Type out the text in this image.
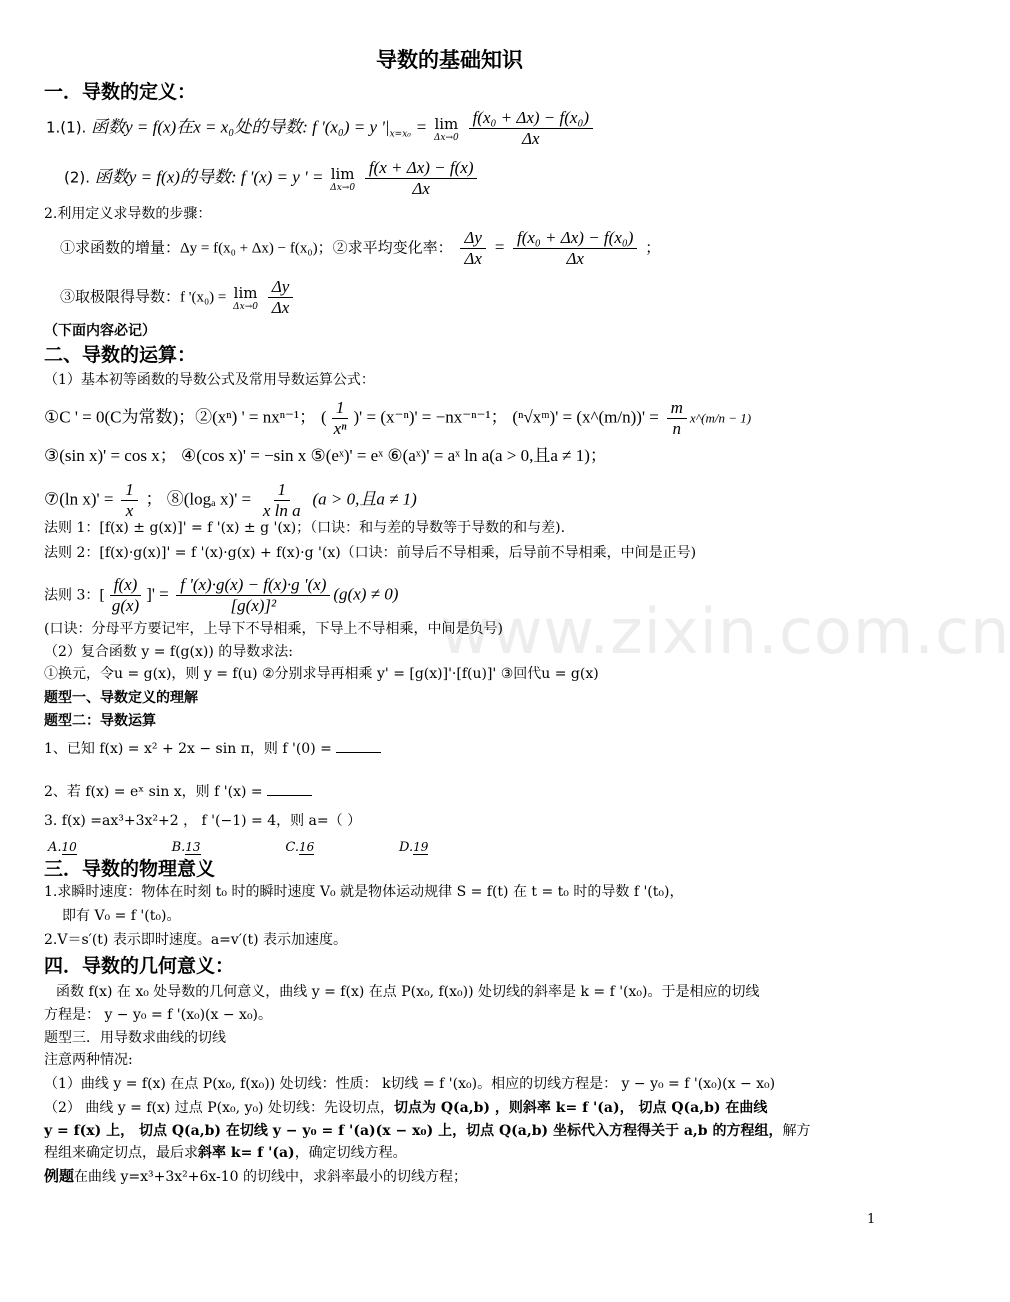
www.zixin.com.cn
导数的基础知识
一．导数的定义：
1.(1). 函数y = f(x)在x = x₀处的导数: f '(x₀) = y '$|_{x=x_0} = \lim$
Δx→0
$\frac{\text{f(x₀ + Δx) − f(x₀)}}{\Delta x}$
(2). 函数y = f(x)的导数: f '(x) = y ' = lim
Δx→0
$\frac{f(x + \Delta x) - f(x)}{\Delta x}$
2.利用定义求导数的步骤：
①求函数的增量：Δy = f(x₀ + Δx) − f(x₀)；②求平均变化率： $\frac{\Delta y}{\Delta x} = \frac{\text{f(x₀ + Δx) − f(x₀)}}{\Delta x}$ ；
③取极限得导数：f '(x₀) = lim
Δx→0
$\frac{\Delta y}{\Delta x}$
（下面内容必记）
二、导数的运算：
（1）基本初等函数的导数公式及常用导数运算公式：
①C ' = 0(C为常数)；②(xⁿ) ' = nxⁿ⁻¹； ( $\frac{1}{\text{xⁿ}}$ )' = (x⁻ⁿ)' = −nx⁻ⁿ⁻¹； (ⁿ√xᵐ)' = (x^(m/n))' = $\frac{m}{n}$ x^(m/n − 1)
③(sin x)' = cos x； ④(cos x)' = −sin x ⑤(eˣ)' = eˣ ⑥(aˣ)' = aˣ ln a(a > 0,且a ≠ 1)；
⑦(ln $x)' = \frac{1}{x}$ ； ⑧(logₐ $x)' = \frac{1}{\text{x ln a}} (a > 0$,且a ≠ 1)
法则 1：[f(x) ± g(x)]' = f '(x) ± g '(x)；（口诀：和与差的导数等于导数的和与差).
法则 2：[f(x)·g(x)]' = f '(x)·g(x) + f(x)·g '(x)（口诀：前导后不导相乘，后导前不导相乘，中间是正号)
法则 3：[ $\frac{f(x)}{g(x)}$ ]' = $\frac{f '(x)\cdot g(x) - f(x)\cdot g '(x)}{\text{[g(x)]²}} (g(x) \ne 0)$
(口诀：分母平方要记牢，上导下不导相乘，下导上不导相乘，中间是负号)
（2）复合函数 y = f(g(x)) 的导数求法:
①换元，令u = g(x)，则 y = f(u) ②分别求导再相乘 y' = [g(x)]'·[f(u)]' ③回代u = g(x)
题型一、导数定义的理解
题型二：导数运算
1、已知 f(x) = x² + 2x − sin π，则 f '(0) =
2、若 f(x) = eˣ sin x，则 f '(x) =
3. f(x) =ax³+3x²+2 ， f '(−1) = 4，则 a=（ ）
A. 10	B. 13	C. 16	D. 19
三．导数的物理意义
1.求瞬时速度：物体在时刻 t₀ 时的瞬时速度 V₀ 就是物体运动规律 S = f(t) 在 t = t₀ 时的导数 f '(t₀)，
即有 V₀ = f '(t₀)。
2.V＝s′(t) 表示即时速度。a=v′(t) 表示加速度。
四．导数的几何意义：
函数 f(x) 在 x₀ 处导数的几何意义，曲线 y = f(x) 在点 P(x₀, f(x₀)) 处切线的斜率是 k = f '(x₀)。于是相应的切线
方程是： y − y₀ = f '(x₀)(x − x₀)。
题型三．用导数求曲线的切线
注意两种情况:
（1）曲线 y = f(x) 在点 P(x₀, f(x₀)) 处切线：性质： k切线 = f '(x₀)。相应的切线方程是： y − y₀ = f '(x₀)(x − x₀)
（2） 曲线 y = f(x) 过点 P(x₀, y₀) 处切线：先设切点，切点为 Q(a,b) ，则斜率 k= f '(a)， 切点 Q(a,b) 在曲线
y = f(x) 上， 切点 Q(a,b) 在切线 y − y₀ = f '(a)(x − x₀) 上，切点 Q(a,b) 坐标代入方程得关于 a,b 的方程组，解方
程组来确定切点，最后求斜率 k= f '(a)，确定切线方程。
例题在曲线 y=x³+3x²+6x-10 的切线中，求斜率最小的切线方程；
1
